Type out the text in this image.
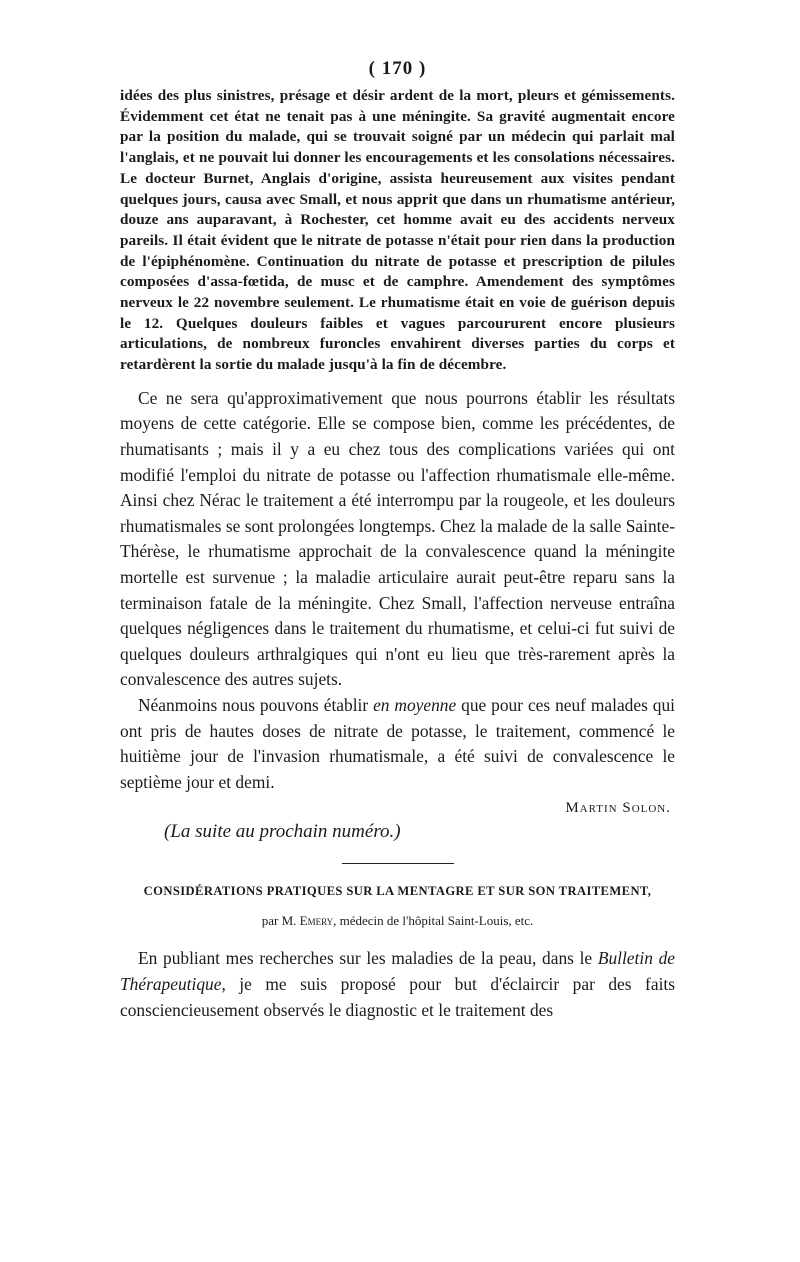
( 170 )

idées des plus sinistres, présage et désir ardent de la mort, pleurs et gémissements. Évidemment cet état ne tenait pas à une méningite. Sa gravité augmentait encore par la position du malade, qui se trouvait soigné par un médecin qui parlait mal l'anglais, et ne pouvait lui donner les encouragements et les consolations nécessaires. Le docteur Burnet, Anglais d'origine, assista heureusement aux visites pendant quelques jours, causa avec Small, et nous apprit que dans un rhumatisme antérieur, douze ans auparavant, à Rochester, cet homme avait eu des accidents nerveux pareils. Il était évident que le nitrate de potasse n'était pour rien dans la production de l'épiphénomène. Continuation du nitrate de potasse et prescription de pilules composées d'assa-fœtida, de musc et de camphre. Amendement des symptômes nerveux le 22 novembre seulement. Le rhumatisme était en voie de guérison depuis le 12. Quelques douleurs faibles et vagues parcoururent encore plusieurs articulations, de nombreux furoncles envahirent diverses parties du corps et retardèrent la sortie du malade jusqu'à la fin de décembre.

Ce ne sera qu'approximativement que nous pourrons établir les résultats moyens de cette catégorie. Elle se compose bien, comme les précédentes, de rhumatisants ; mais il y a eu chez tous des complications variées qui ont modifié l'emploi du nitrate de potasse ou l'affection rhumatismale elle-même. Ainsi chez Nérac le traitement a été interrompu par la rougeole, et les douleurs rhumatismales se sont prolongées longtemps. Chez la malade de la salle Sainte-Thérèse, le rhumatisme approchait de la convalescence quand la méningite mortelle est survenue ; la maladie articulaire aurait peut-être reparu sans la terminaison fatale de la méningite. Chez Small, l'affection nerveuse entraîna quelques négligences dans le traitement du rhumatisme, et celui-ci fut suivi de quelques douleurs arthralgiques qui n'ont eu lieu que très-rarement après la convalescence des autres sujets.

Néanmoins nous pouvons établir en moyenne que pour ces neuf malades qui ont pris de hautes doses de nitrate de potasse, le traitement, commencé le huitième jour de l'invasion rhumatismale, a été suivi de convalescence le septième jour et demi.

Martin Solon.

(La suite au prochain numéro.)

CONSIDÉRATIONS PRATIQUES SUR LA MENTAGRE ET SUR SON TRAITEMENT,

par M. Emery, médecin de l'hôpital Saint-Louis, etc.

En publiant mes recherches sur les maladies de la peau, dans le Bulletin de Thérapeutique, je me suis proposé pour but d'éclaircir par des faits consciencieusement observés le diagnostic et le traitement des
